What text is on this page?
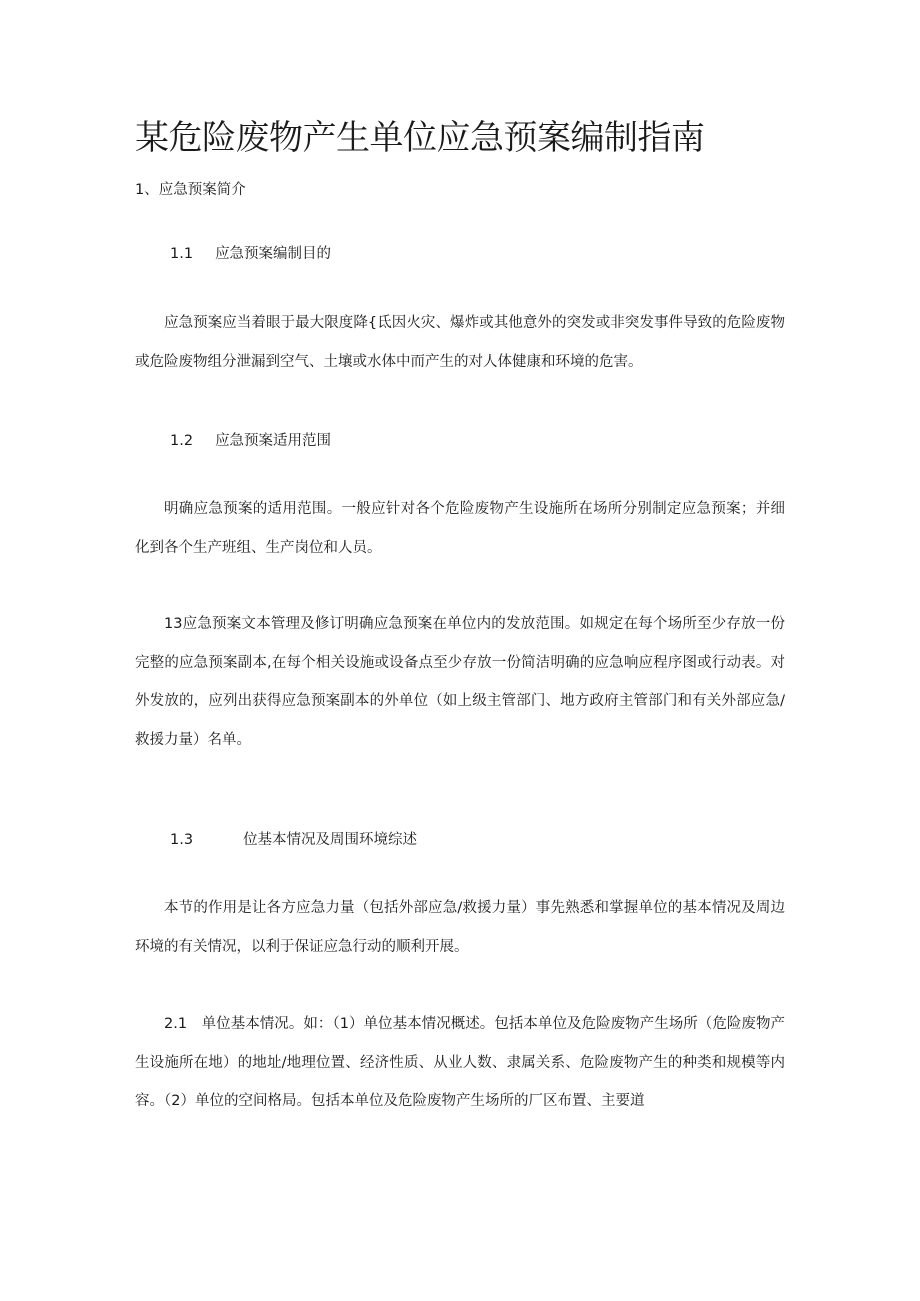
某危险废物产生单位应急预案编制指南

1、应急预案简介

1.1 应急预案编制目的

应急预案应当着眼于最大限度降{氐因火灾、爆炸或其他意外的突发或非突发事件导致的危险废物或危险废物组分泄漏到空气、土壤或水体中而产生的对人体健康和环境的危害。

1.2 应急预案适用范围

明确应急预案的适用范围。一般应针对各个危险废物产生设施所在场所分别制定应急预案；并细化到各个生产班组、生产岗位和人员。

13应急预案文本管理及修订明确应急预案在单位内的发放范围。如规定在每个场所至少存放一份完整的应急预案副本,在每个相关设施或设备点至少存放一份简洁明确的应急响应程序图或行动表。对外发放的，应列出获得应急预案副本的外单位（如上级主管部门、地方政府主管部门和有关外部应急/救援力量）名单。

1.3	位基本情况及周围环境综述

本节的作用是让各方应急力量（包括外部应急/救援力量）事先熟悉和掌握单位的基本情况及周边环境的有关情况，以利于保证应急行动的顺利开展。

2.1　单位基本情况。如：（1）单位基本情况概述。包括本单位及危险废物产生场所（危险废物产生设施所在地）的地址/地理位置、经济性质、从业人数、隶属关系、危险废物产生的种类和规模等内容。（2）单位的空间格局。包括本单位及危险废物产生场所的厂区布置、主要道
